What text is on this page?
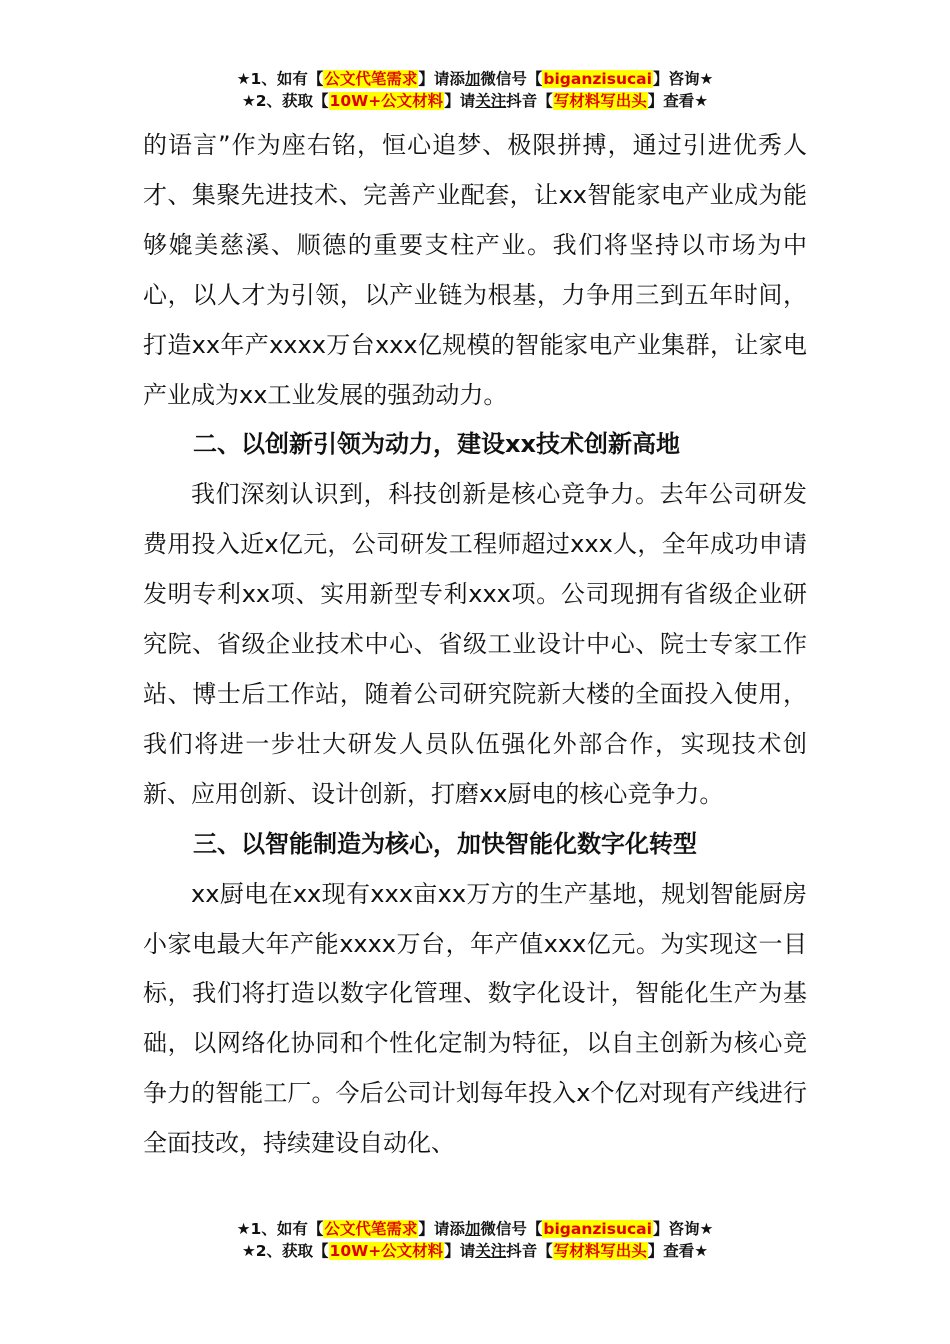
★1、如有【公文代笔需求】请添加微信号【biganzisucai】咨询★
★2、获取【10W+公文材料】请关注抖音【写材料写出头】查看★

的语言”作为座右铭，恒心追梦、极限拼搏，通过引进优秀人才、集聚先进技术、完善产业配套，让xx智能家电产业成为能够媲美慈溪、顺德的重要支柱产业。我们将坚持以市场为中心，以人才为引领，以产业链为根基，力争用三到五年时间，打造xx年产xxxx万台xxx亿规模的智能家电产业集群，让家电产业成为xx工业发展的强劲动力。

二、以创新引领为动力，建设xx技术创新高地

我们深刻认识到，科技创新是核心竞争力。去年公司研发费用投入近x亿元，公司研发工程师超过xxx人，全年成功申请发明专利xx项、实用新型专利xxx项。公司现拥有省级企业研究院、省级企业技术中心、省级工业设计中心、院士专家工作站、博士后工作站，随着公司研究院新大楼的全面投入使用，我们将进一步壮大研发人员队伍强化外部合作，实现技术创新、应用创新、设计创新，打磨xx厨电的核心竞争力。

三、以智能制造为核心，加快智能化数字化转型

xx厨电在xx现有xxx亩xx万方的生产基地，规划智能厨房小家电最大年产能xxxx万台，年产值xxx亿元。为实现这一目标，我们将打造以数字化管理、数字化设计，智能化生产为基础，以网络化协同和个性化定制为特征，以自主创新为核心竞争力的智能工厂。今后公司计划每年投入x个亿对现有产线进行全面技改，持续建设自动化、

★1、如有【公文代笔需求】请添加微信号【biganzisucai】咨询★
★2、获取【10W+公文材料】请关注抖音【写材料写出头】查看★
